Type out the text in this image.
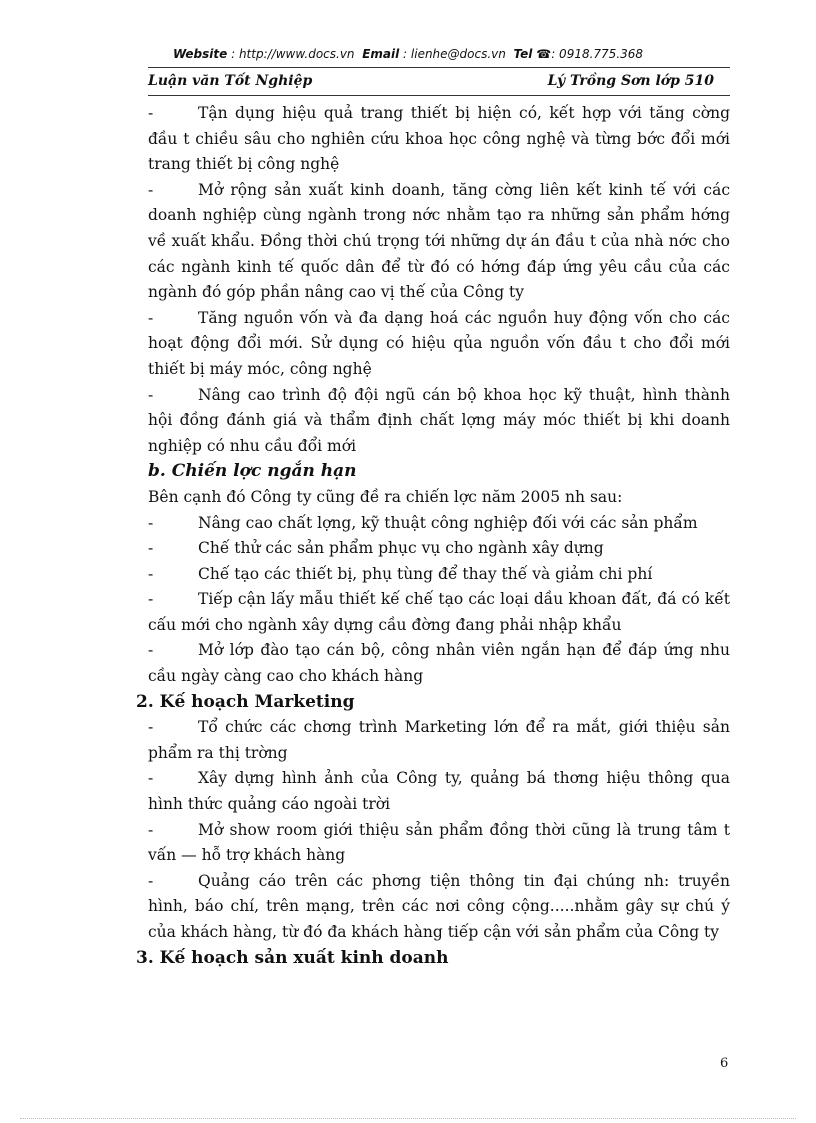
Website : http://www.docs.vn Email : lienhe@docs.vn Tel ☎: 0918.775.368
Luận văn Tốt Nghiệp	Lý Trồng Sơn lớp 510

-	Tận dụng hiệu quả trang thiết bị hiện có, kết hợp với tăng cờng đầu t chiều sâu cho nghiên cứu khoa học công nghệ và từng bớc đổi mới trang thiết bị công nghệ

-	Mở rộng sản xuất kinh doanh, tăng cờng liên kết kinh tế với các doanh nghiệp cùng ngành trong nớc nhằm tạo ra những sản phẩm hớng về xuất khẩu. Đồng thời chú trọng tới những dự án đầu t của nhà nớc cho các ngành kinh tế quốc dân để từ đó có hớng đáp ứng yêu cầu của các ngành đó góp phần nâng cao vị thế của Công ty

-	Tăng nguồn vốn và đa dạng hoá các nguồn huy động vốn cho các hoạt động đổi mới. Sử dụng có hiệu qủa nguồn vốn đầu t cho đổi mới thiết bị máy móc, công nghệ

-	Nâng cao trình độ đội ngũ cán bộ khoa học kỹ thuật, hình thành hội đồng đánh giá và thẩm định chất lợng máy móc thiết bị khi doanh nghiệp có nhu cầu đổi mới

b. Chiến lợc ngắn hạn

Bên cạnh đó Công ty cũng đề ra chiến lợc năm 2005 nh sau:

-	Nâng cao chất lợng, kỹ thuật công nghiệp đối với các sản phẩm

-	Chế thử các sản phẩm phục vụ cho ngành xây dựng

-	Chế tạo các thiết bị, phụ tùng để thay thế và giảm chi phí

-	Tiếp cận lấy mẫu thiết kế chế tạo các loại dầu khoan đất, đá có kết cấu mới cho ngành xây dựng cầu đờng đang phải nhập khẩu

-	Mở lớp đào tạo cán bộ, công nhân viên ngắn hạn để đáp ứng nhu cầu ngày càng cao cho khách hàng

2. Kế hoạch Marketing

-	Tổ chức các chơng trình Marketing lớn để ra mắt, giới thiệu sản phẩm ra thị trờng

-	Xây dựng hình ảnh của Công ty, quảng bá thơng hiệu thông qua hình thức quảng cáo ngoài trời

-	Mở show room giới thiệu sản phẩm đồng thời cũng là trung tâm t vấn — hỗ trợ khách hàng

-	Quảng cáo trên các phơng tiện thông tin đại chúng nh: truyền hình, báo chí, trên mạng, trên các nơi công cộng.....nhằm gây sự chú ý của khách hàng, từ đó đa khách hàng tiếp cận với sản phẩm của Công ty

3. Kế hoạch sản xuất kinh doanh

6
